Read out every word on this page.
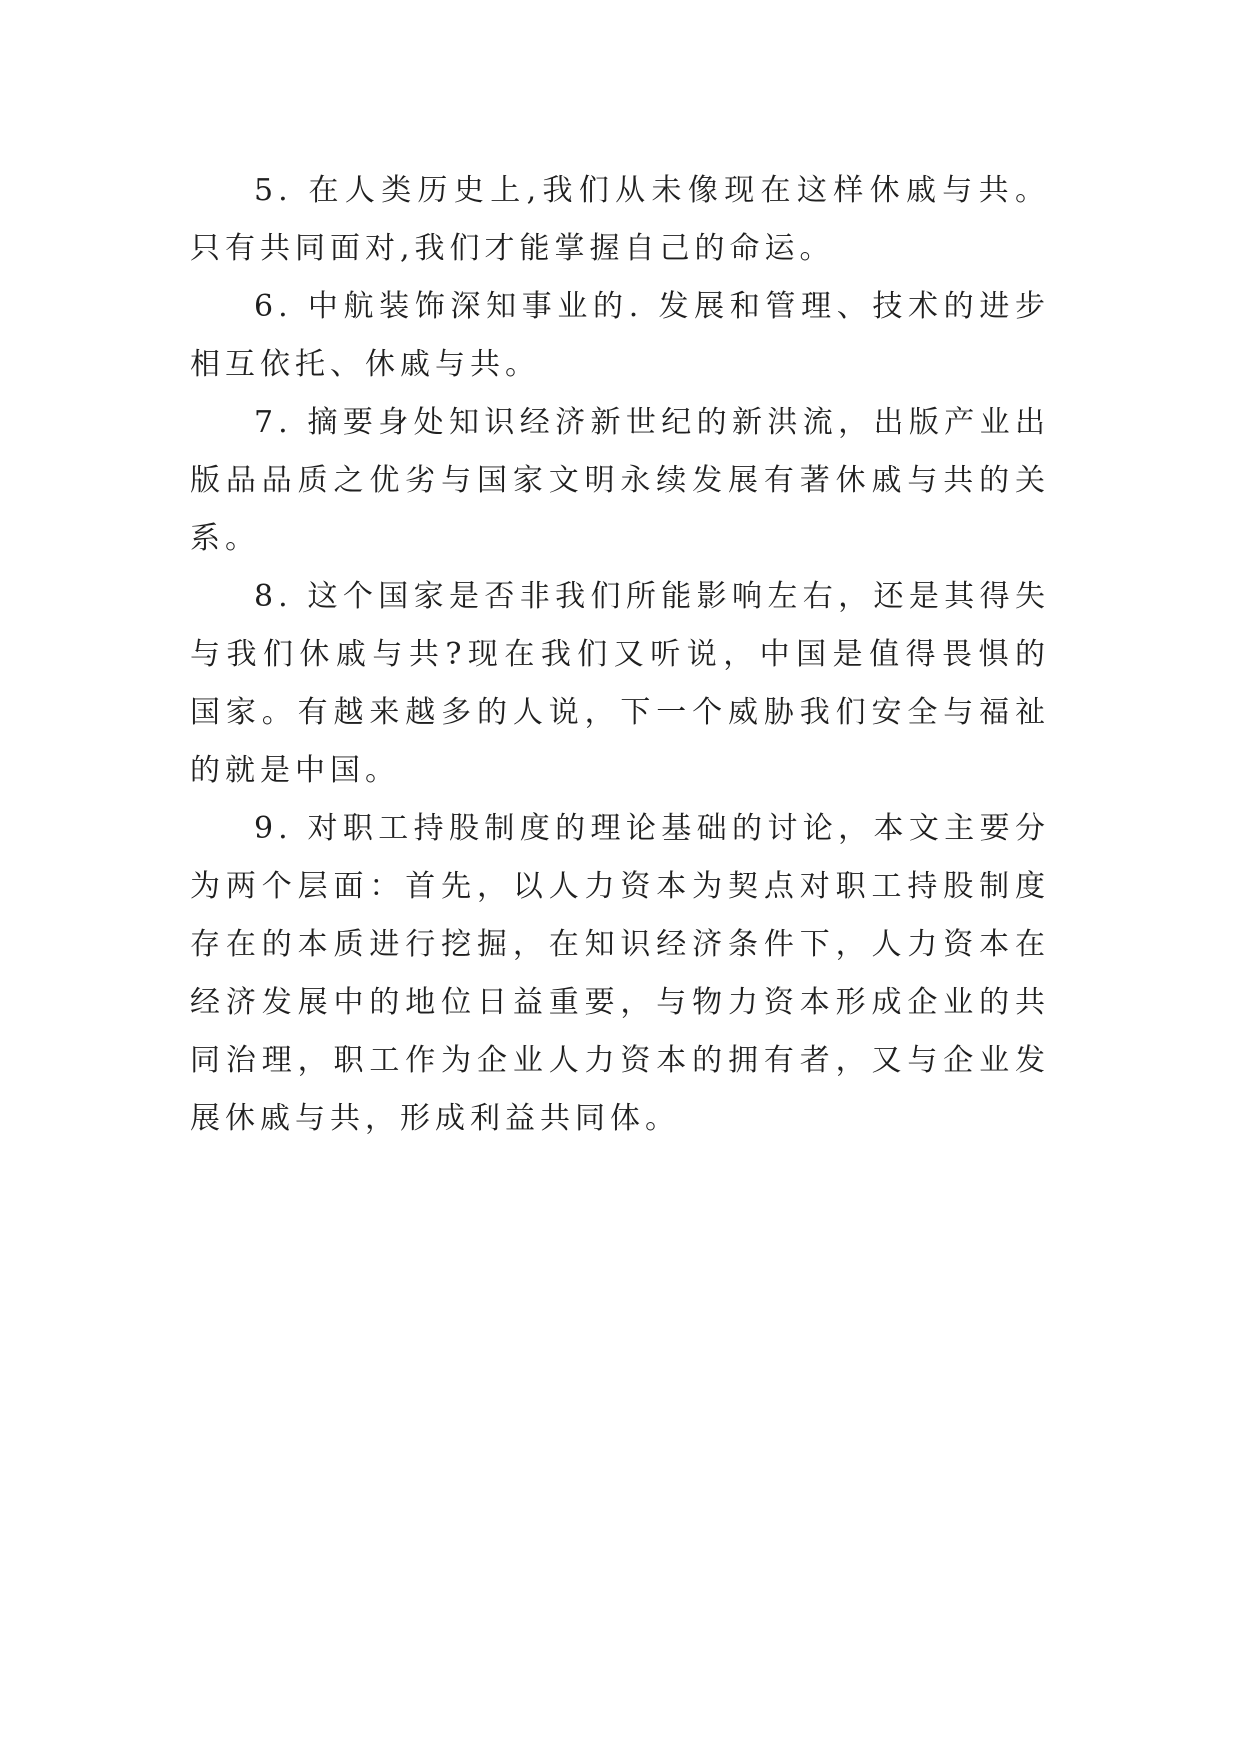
5. 在人类历史上,我们从未像现在这样休戚与共。只有共同面对,我们才能掌握自己的命运。

6. 中航装饰深知事业的. 发展和管理、技术的进步相互依托、休戚与共。

7. 摘要身处知识经济新世纪的新洪流，出版产业出版品品质之优劣与国家文明永续发展有著休戚与共的关系。

8. 这个国家是否非我们所能影响左右，还是其得失与我们休戚与共?现在我们又听说，中国是值得畏惧的国家。有越来越多的人说，下一个威胁我们安全与福祉的就是中国。

9. 对职工持股制度的理论基础的讨论，本文主要分为两个层面：首先，以人力资本为契点对职工持股制度存在的本质进行挖掘，在知识经济条件下，人力资本在经济发展中的地位日益重要，与物力资本形成企业的共同治理，职工作为企业人力资本的拥有者，又与企业发展休戚与共，形成利益共同体。
